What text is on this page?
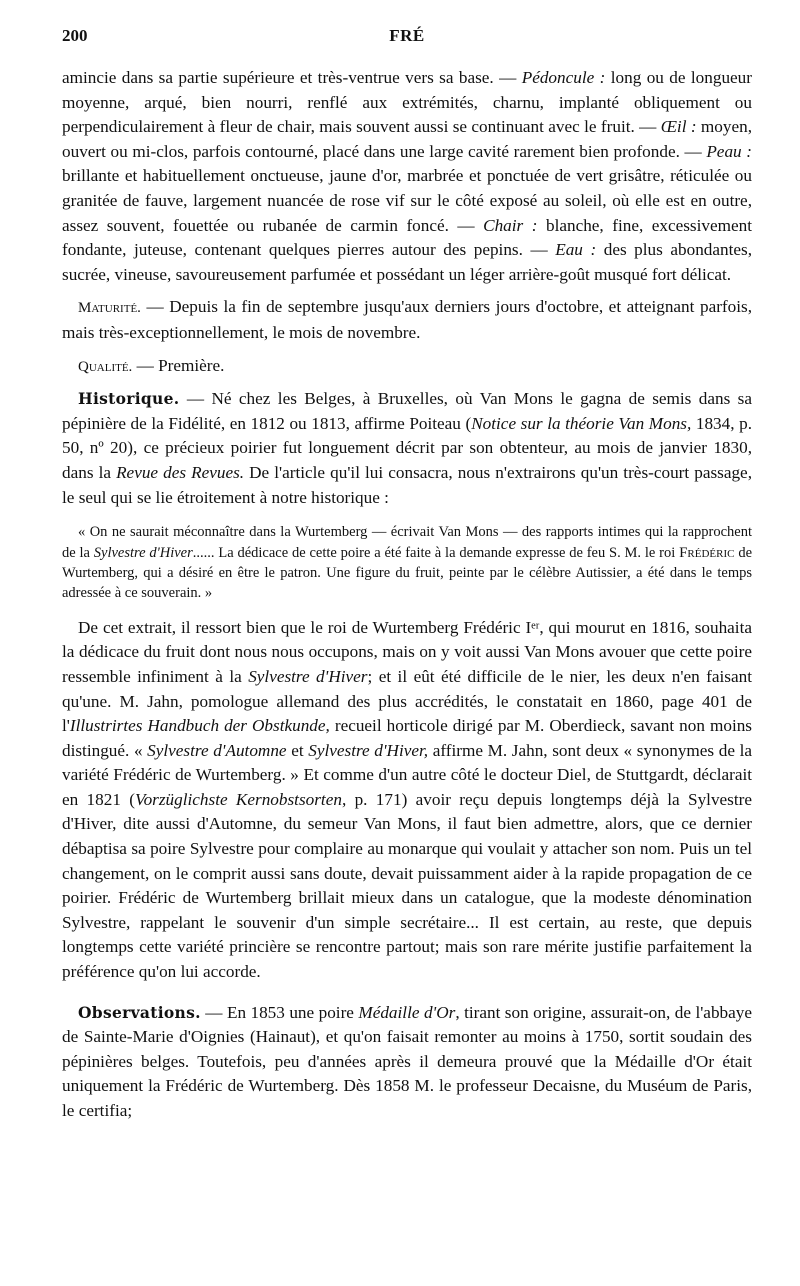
200	FRÉ

amincie dans sa partie supérieure et très-ventrue vers sa base. — Pédoncule : long ou de longueur moyenne, arqué, bien nourri, renflé aux extrémités, charnu, implanté obliquement ou perpendiculairement à fleur de chair, mais souvent aussi se continuant avec le fruit. — Œil : moyen, ouvert ou mi-clos, parfois contourné, placé dans une large cavité rarement bien profonde. — Peau : brillante et habituellement onctueuse, jaune d'or, marbrée et ponctuée de vert grisâtre, réticulée ou granitée de fauve, largement nuancée de rose vif sur le côté exposé au soleil, où elle est en outre, assez souvent, fouettée ou rubanée de carmin foncé. — Chair : blanche, fine, excessivement fondante, juteuse, contenant quelques pierres autour des pepins. — Eau : des plus abondantes, sucrée, vineuse, savoureusement parfumée et possédant un léger arrière-goût musqué fort délicat.

Maturité. — Depuis la fin de septembre jusqu'aux derniers jours d'octobre, et atteignant parfois, mais très-exceptionnellement, le mois de novembre.

Qualité. — Première.

Historique. — Né chez les Belges, à Bruxelles, où Van Mons le gagna de semis dans sa pépinière de la Fidélité, en 1812 ou 1813, affirme Poiteau (Notice sur la théorie Van Mons, 1834, p. 50, nº 20), ce précieux poirier fut longuement décrit par son obtenteur, au mois de janvier 1830, dans la Revue des Revues. De l'article qu'il lui consacra, nous n'extrairons qu'un très-court passage, le seul qui se lie étroitement à notre historique :

« On ne saurait méconnaître dans la Wurtemberg — écrivait Van Mons — des rapports intimes qui la rapprochent de la Sylvestre d'Hiver...... La dédicace de cette poire a été faite à la demande expresse de feu S. M. le roi Frédéric de Wurtemberg, qui a désiré en être le patron. Une figure du fruit, peinte par le célèbre Autissier, a été dans le temps adressée à ce souverain. »

De cet extrait, il ressort bien que le roi de Wurtemberg Frédéric Iᵉʳ, qui mourut en 1816, souhaita la dédicace du fruit dont nous nous occupons, mais on y voit aussi Van Mons avouer que cette poire ressemble infiniment à la Sylvestre d'Hiver; et il eût été difficile de le nier, les deux n'en faisant qu'une. M. Jahn, pomologue allemand des plus accrédités, le constatait en 1860, page 401 de l'Illustrirtes Handbuch der Obstkunde, recueil horticole dirigé par M. Oberdieck, savant non moins distingué. « Sylvestre d'Automne et Sylvestre d'Hiver, affirme M. Jahn, sont deux « synonymes de la variété Frédéric de Wurtemberg. » Et comme d'un autre côté le docteur Diel, de Stuttgardt, déclarait en 1821 (Vorzüglichste Kernobstsorten, p. 171) avoir reçu depuis longtemps déjà la Sylvestre d'Hiver, dite aussi d'Automne, du semeur Van Mons, il faut bien admettre, alors, que ce dernier débaptisa sa poire Sylvestre pour complaire au monarque qui voulait y attacher son nom. Puis un tel changement, on le comprit aussi sans doute, devait puissamment aider à la rapide propagation de ce poirier. Frédéric de Wurtemberg brillait mieux dans un catalogue, que la modeste dénomination Sylvestre, rappelant le souvenir d'un simple secrétaire... Il est certain, au reste, que depuis longtemps cette variété princière se rencontre partout; mais son rare mérite justifie parfaitement la préférence qu'on lui accorde.

Observations. — En 1853 une poire Médaille d'Or, tirant son origine, assurait-on, de l'abbaye de Sainte-Marie d'Oignies (Hainaut), et qu'on faisait remonter au moins à 1750, sortit soudain des pépinières belges. Toutefois, peu d'années après il demeura prouvé que la Médaille d'Or était uniquement la Frédéric de Wurtemberg. Dès 1858 M. le professeur Decaisne, du Muséum de Paris, le certifia;
